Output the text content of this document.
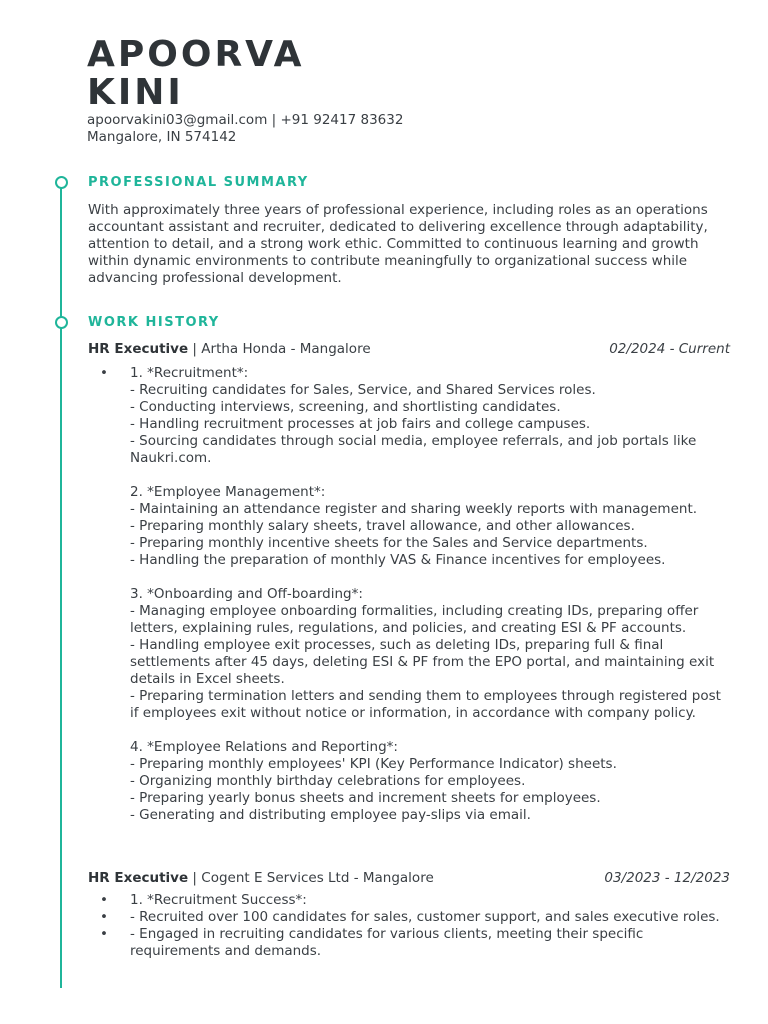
APOORVA
KINI
apoorvakini03@gmail.com | +91 92417 83632
Mangalore, IN 574142
PROFESSIONAL SUMMARY

With approximately three years of professional experience, including roles as an operations accountant assistant and recruiter, dedicated to delivering excellence through adaptability, attention to detail, and a strong work ethic. Committed to continuous learning and growth within dynamic environments to contribute meaningfully to organizational success while advancing professional development.

WORK HISTORY
HR Executive | Artha Honda - Mangalore	02/2024 - Current
• 1. *Recruitment*:
- Recruiting candidates for Sales, Service, and Shared Services roles.
- Conducting interviews, screening, and shortlisting candidates.
- Handling recruitment processes at job fairs and college campuses.
- Sourcing candidates through social media, employee referrals, and job portals like Naukri.com.

2. *Employee Management*:
- Maintaining an attendance register and sharing weekly reports with management.
- Preparing monthly salary sheets, travel allowance, and other allowances.
- Preparing monthly incentive sheets for the Sales and Service departments.
- Handling the preparation of monthly VAS & Finance incentives for employees.

3. *Onboarding and Off-boarding*:
- Managing employee onboarding formalities, including creating IDs, preparing offer letters, explaining rules, regulations, and policies, and creating ESI & PF accounts.
- Handling employee exit processes, such as deleting IDs, preparing full & final settlements after 45 days, deleting ESI & PF from the EPO portal, and maintaining exit details in Excel sheets.
- Preparing termination letters and sending them to employees through registered post if employees exit without notice or information, in accordance with company policy.

4. *Employee Relations and Reporting*:
- Preparing monthly employees' KPI (Key Performance Indicator) sheets.
- Organizing monthly birthday celebrations for employees.
- Preparing yearly bonus sheets and increment sheets for employees.
- Generating and distributing employee pay-slips via email.
HR Executive | Cogent E Services Ltd - Mangalore	03/2023 - 12/2023
• 1. *Recruitment Success*:
• - Recruited over 100 candidates for sales, customer support, and sales executive roles.
• - Engaged in recruiting candidates for various clients, meeting their specific requirements and demands.
